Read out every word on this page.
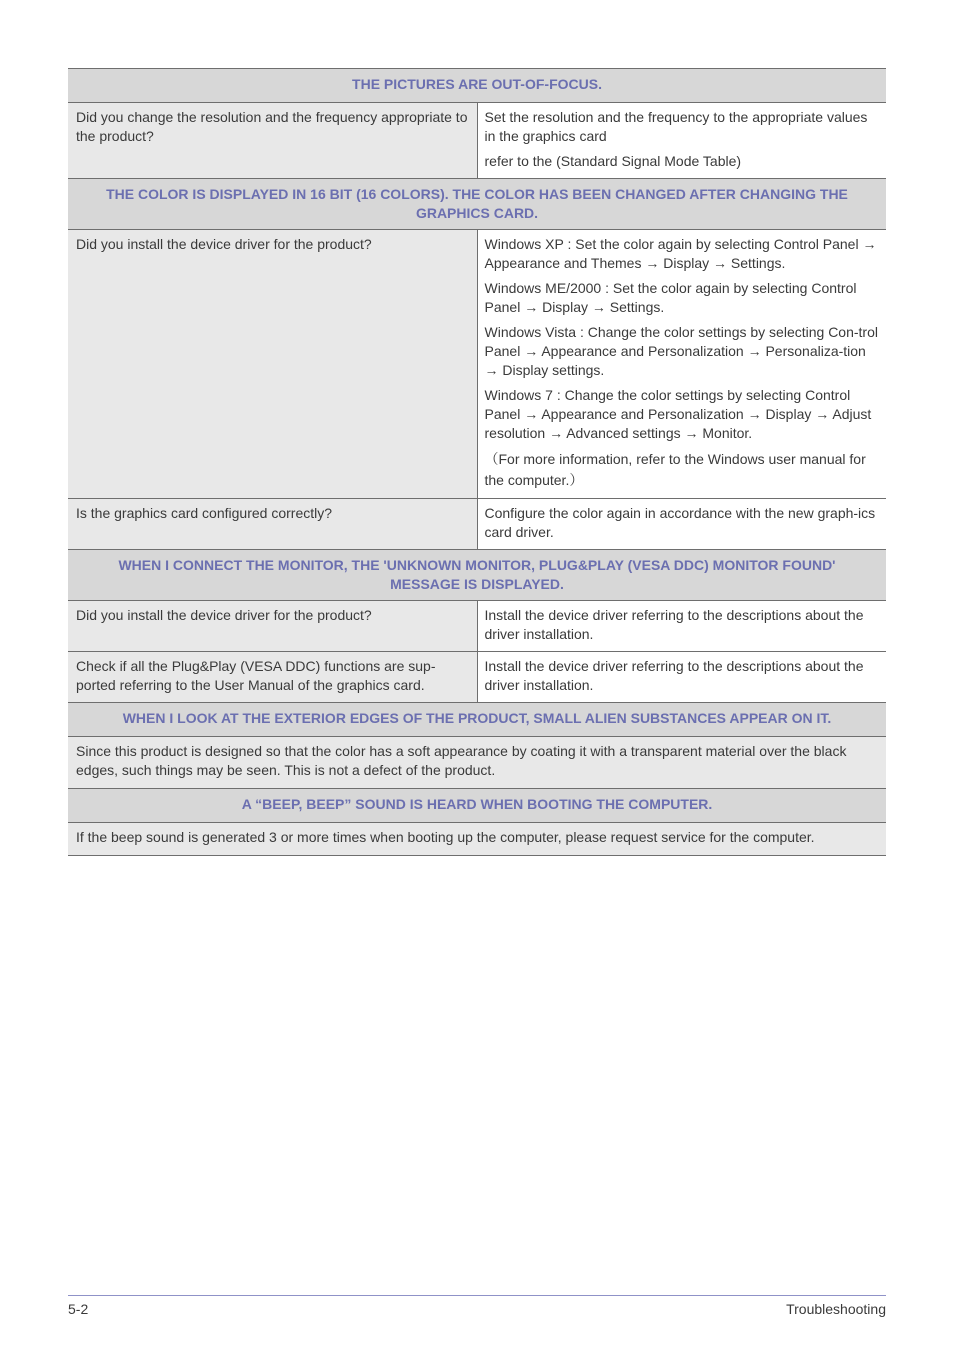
THE PICTURES ARE OUT-OF-FOCUS.	
Did you change the resolution and the frequency appropriate to the product?	Set the resolution and the frequency to the appropriate values in the graphics card

refer to the (Standard Signal Mode Table)

THE COLOR IS DISPLAYED IN 16 BIT (16 COLORS). THE COLOR HAS BEEN CHANGED AFTER CHANGING THE GRAPHICS CARD.	
Did you install the device driver for the product?	Windows XP : Set the color again by selecting Control Panel → Appearance and Themes → Display → Settings.

Windows ME/2000 : Set the color again by selecting Control Panel → Display → Settings.

Windows Vista : Change the color settings by selecting Con-trol Panel → Appearance and Personalization → Personaliza-tion → Display settings.

Windows 7 : Change the color settings by selecting Control Panel → Appearance and Personalization → Display → Adjust resolution → Advanced settings → Monitor.

（For more information, refer to the Windows user manual for the computer.）

Is the graphics card configured correctly?	Configure the color again in accordance with the new graph-ics card driver.

WHEN I CONNECT THE MONITOR, THE 'UNKNOWN MONITOR, PLUG&PLAY (VESA DDC) MONITOR FOUND' MESSAGE IS DISPLAYED.	
Did you install the device driver for the product?	Install the device driver referring to the descriptions about the driver installation.

Check if all the Plug&Play (VESA DDC) functions are sup-ported referring to the User Manual of the graphics card.	Install the device driver referring to the descriptions about the driver installation.

WHEN I LOOK AT THE EXTERIOR EDGES OF THE PRODUCT, SMALL ALIEN SUBSTANCES APPEAR ON IT.	
Since this product is designed so that the color has a soft appearance by coating it with a transparent material over the black edges, such things may be seen. This is not a defect of the product.	
A “BEEP, BEEP” SOUND IS HEARD WHEN BOOTING THE COMPUTER.	
If the beep sound is generated 3 or more times when booting up the computer, please request service for the computer.	
5-2	Troubleshooting
